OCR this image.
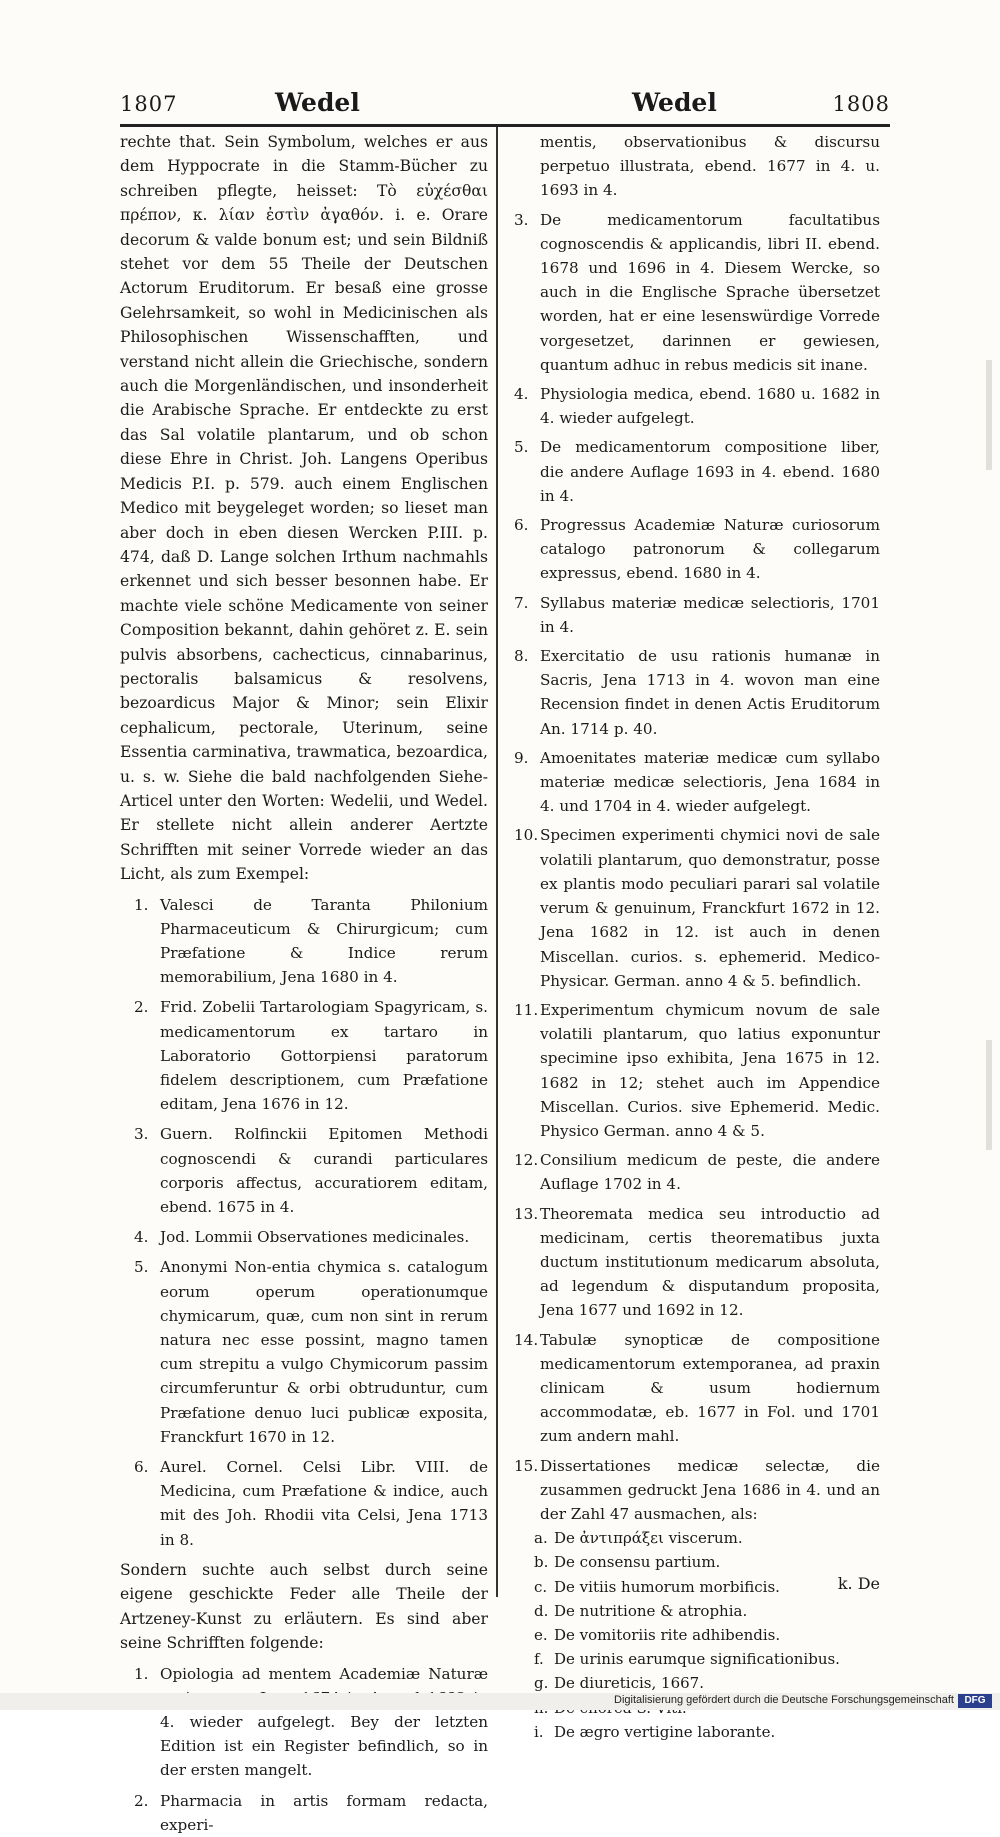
1807	Wedel	Wedel	1808

rechte that. Sein Symbolum, welches er aus dem Hyppocrate in die Stamm-Bücher zu schreiben pflegte, heisset: Τὸ εὐχέσθαι πρέπον, κ. λίαν ἐστὶν ἀγαθόν. i. e. Orare decorum & valde bonum est; und sein Bildniß stehet vor dem 55 Theile der Deutschen Actorum Eruditorum. Er besaß eine grosse Gelehrsamkeit, so wohl in Medicinischen als Philosophischen Wissenschafften, und verstand nicht allein die Griechische, sondern auch die Morgenländischen, und insonderheit die Arabische Sprache. Er entdeckte zu erst das Sal volatile plantarum, und ob schon diese Ehre in Christ. Joh. Langens Operibus Medicis P.I. p. 579. auch einem Englischen Medico mit beygeleget worden; so lieset man aber doch in eben diesen Wercken P.III. p. 474, daß D. Lange solchen Irthum nachmahls erkennet und sich besser besonnen habe. Er machte viele schöne Medicamente von seiner Composition bekannt, dahin gehöret z. E. sein pulvis absorbens, cachecticus, cinnabarinus, pectoralis balsamicus & resolvens, bezoardicus Major & Minor; sein Elixir cephalicum, pectorale, Uterinum, seine Essentia carminativa, trawmatica, bezoardica, u. s. w. Siehe die bald nachfolgenden Siehe-Articel unter den Worten: Wedelii, und Wedel. Er stellete nicht allein anderer Aertzte Schrifften mit seiner Vorrede wieder an das Licht, als zum Exempel:

1. Valesci de Taranta Philonium Pharmaceuticum & Chirurgicum; cum Præfatione & Indice rerum memorabilium, Jena 1680 in 4.
2. Frid. Zobelii Tartarologiam Spagyricam, s. medicamentorum ex tartaro in Laboratorio Gottorpiensi paratorum fidelem descriptionem, cum Præfatione editam, Jena 1676 in 12.
3. Guern. Rolfinckii Epitomen Methodi cognoscendi & curandi particulares corporis affectus, accuratiorem editam, ebend. 1675 in 4.
4. Jod. Lommii Observationes medicinales.
5. Anonymi Non-entia chymica s. catalogum eorum operum operationumque chymicarum, quæ, cum non sint in rerum natura nec esse possint, magno tamen cum strepitu a vulgo Chymicorum passim circumferuntur & orbi obtruduntur, cum Præfatione denuo luci publicæ exposita, Franckfurt 1670 in 12.
6. Aurel. Cornel. Celsi Libr. VIII. de Medicina, cum Præfatione & indice, auch mit des Joh. Rhodii vita Celsi, Jena 1713 in 8.

Sondern suchte auch selbst durch seine eigene geschickte Feder alle Theile der Artzeney-Kunst zu erläutern. Es sind aber seine Schrifften folgende:

1. Opiologia ad mentem Academiæ Naturæ 4. wieder aufgelegt. Bey der letzten Edition ist ein Register befindlich, so in der ersten mangelt.
2. Pharmacia in artis formam redacta, experi-

mentis, observationibus & discursu perpetuo illustrata, ebend. 1677 in 4. u. 1693 in 4.

3. De medicamentorum facultatibus cognoscendis & applicandis, libri II. ebend. 1678 und 1696 in 4. Diesem Wercke, so auch in die Englische Sprache übersetzet worden, hat er eine lesenswürdige Vorrede vorgesetzet, darinnen er gewiesen, quantum adhuc in rebus medicis sit inane.
4. Physiologia medica, ebend. 1680 u. 1682 in 4. wieder aufgelegt.
5. De medicamentorum compositione liber, die andere Auflage 1693 in 4. ebend. 1680 in 4.
6. Progressus Academiæ Naturæ curiosorum catalogo patronorum & collegarum expressus, ebend. 1680 in 4.
7. Syllabus materiæ medicæ selectioris, 1701 in 4.
8. Exercitatio de usu rationis humanæ in Sacris, Jena 1713 in 4. wovon man eine Recension findet in denen Actis Eruditorum An. 1714 p. 40.
9. Amoenitates materiæ medicæ cum syllabo materiæ medicæ selectioris, Jena 1684 in 4. und 1704 in 4. wieder aufgelegt.
10. Specimen experimenti chymici novi de sale volatili plantarum, quo demonstratur, posse ex plantis modo peculiari parari sal volatile verum & genuinum, Franckfurt 1672 in 12. Jena 1682 in 12. ist auch in denen Miscellan. curios. s. ephemerid. Medico-Physicar. German. anno 4 & 5. befindlich.
11. Experimentum chymicum novum de sale volatili plantarum, quo latius exponuntur specimine ipso exhibita, Jena 1675 in 12. 1682 in 12; stehet auch im Appendice Miscellan. Curios. sive Ephemerid. Medic. Physico German. anno 4 & 5.
12. Consilium medicum de peste, die andere Auflage 1702 in 4.
13. Theoremata medica seu introductio ad medicinam, certis theorematibus juxta ductum institutionum medicarum absoluta, ad legendum & disputandum proposita, Jena 1677 und 1692 in 12.
14. Tabulæ synopticæ de compositione medicamentorum extemporanea, ad praxin clinicam & usum hodiernum accommodatæ, eb. 1677 in Fol. und 1701 zum andern mahl.
15. Dissertationes medicæ selectæ, die zusammen gedruckt Jena 1686 in 4. und an der Zahl 47 ausmachen, als:
a. De ἀντιπράξει viscerum.
b. De consensu partium.
c. De vitiis humorum morbificis.
d. De nutritione & atrophia.
e. De vomitoriis rite adhibendis.
f. De urinis earumque significationibus.
g. De diureticis, 1667.
i. De ægro vertigine laborante.
k. De
Digitalisierung gefördert durch die Deutsche Forschungsgemeinschaft	DFG
